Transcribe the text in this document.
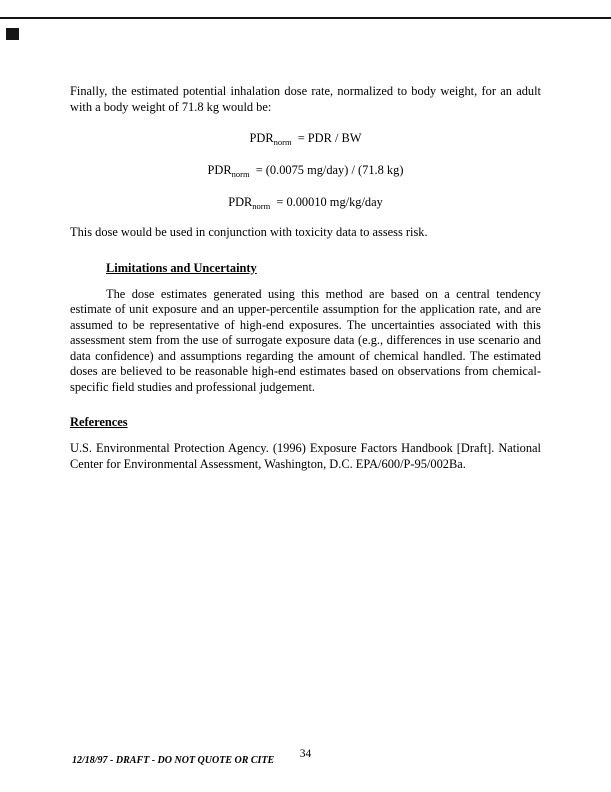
Finally, the estimated potential inhalation dose rate, normalized to body weight, for an adult with a body weight of 71.8 kg would be:

$PDR_{norm}$ = PDR / BW
$PDR_{norm} = (0.0075$ mg/day) / (71.8 kg)
$PDR_{norm} = 0.00010$ mg/kg/day

This dose would be used in conjunction with toxicity data to assess risk.

Limitations and Uncertainty

The dose estimates generated using this method are based on a central tendency estimate of unit exposure and an upper-percentile assumption for the application rate, and are assumed to be representative of high-end exposures. The uncertainties associated with this assessment stem from the use of surrogate exposure data (e.g., differences in use scenario and data confidence) and assumptions regarding the amount of chemical handled. The estimated doses are believed to be reasonable high-end estimates based on observations from chemical-specific field studies and professional judgement.

References

U.S. Environmental Protection Agency. (1996) Exposure Factors Handbook [Draft]. National Center for Environmental Assessment, Washington, D.C. EPA/600/P-95/002Ba.

12/18/97 - DRAFT - DO NOT QUOTE OR CITE
34
